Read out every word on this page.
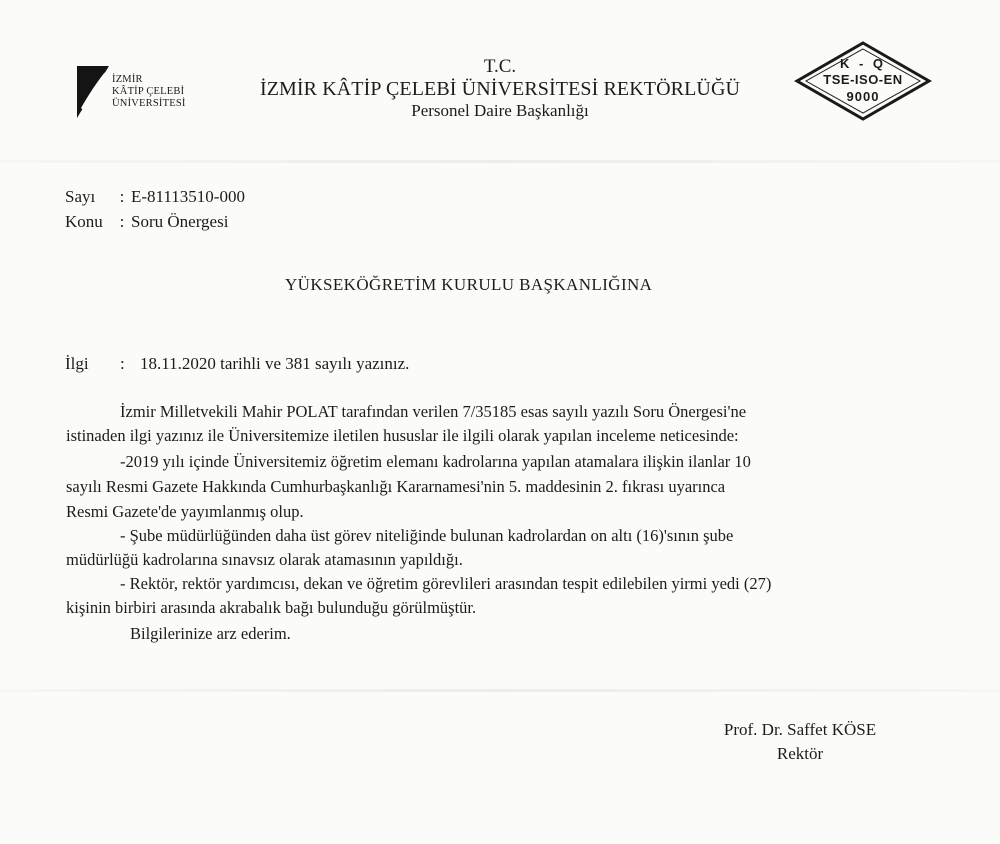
İZMİR
KÂTİP ÇELEBİ
ÜNİVERSİTESİ
T.C.
İZMİR KÂTİP ÇELEBİ ÜNİVERSİTESİ REKTÖRLÜĞÜ
Personel Daire Başkanlığı
K - Q
TSE-ISO-EN
9000
Sayı : E-81113510-000
Konu : Soru Önergesi
YÜKSEKÖĞRETİM KURULU BAŞKANLIĞINA
İlgi : 18.11.2020 tarihli ve 381 sayılı yazınız.
İzmir Milletvekili Mahir POLAT tarafından verilen 7/35185 esas sayılı yazılı Soru Önergesi'ne
istinaden ilgi yazınız ile Üniversitemize iletilen hususlar ile ilgili olarak yapılan inceleme neticesinde:
-2019 yılı içinde Üniversitemiz öğretim elemanı kadrolarına yapılan atamalara ilişkin ilanlar 10
sayılı Resmi Gazete Hakkında Cumhurbaşkanlığı Kararnamesi'nin 5. maddesinin 2. fıkrası uyarınca
Resmi Gazete'de yayımlanmış olup.
- Şube müdürlüğünden daha üst görev niteliğinde bulunan kadrolardan on altı (16)'sının şube
müdürlüğü kadrolarına sınavsız olarak atamasının yapıldığı.
- Rektör, rektör yardımcısı, dekan ve öğretim görevlileri arasından tespit edilebilen yirmi yedi (27)
kişinin birbiri arasında akrabalık bağı bulunduğu görülmüştür.
Bilgilerinize arz ederim.
Prof. Dr. Saffet KÖSE
Rektör
